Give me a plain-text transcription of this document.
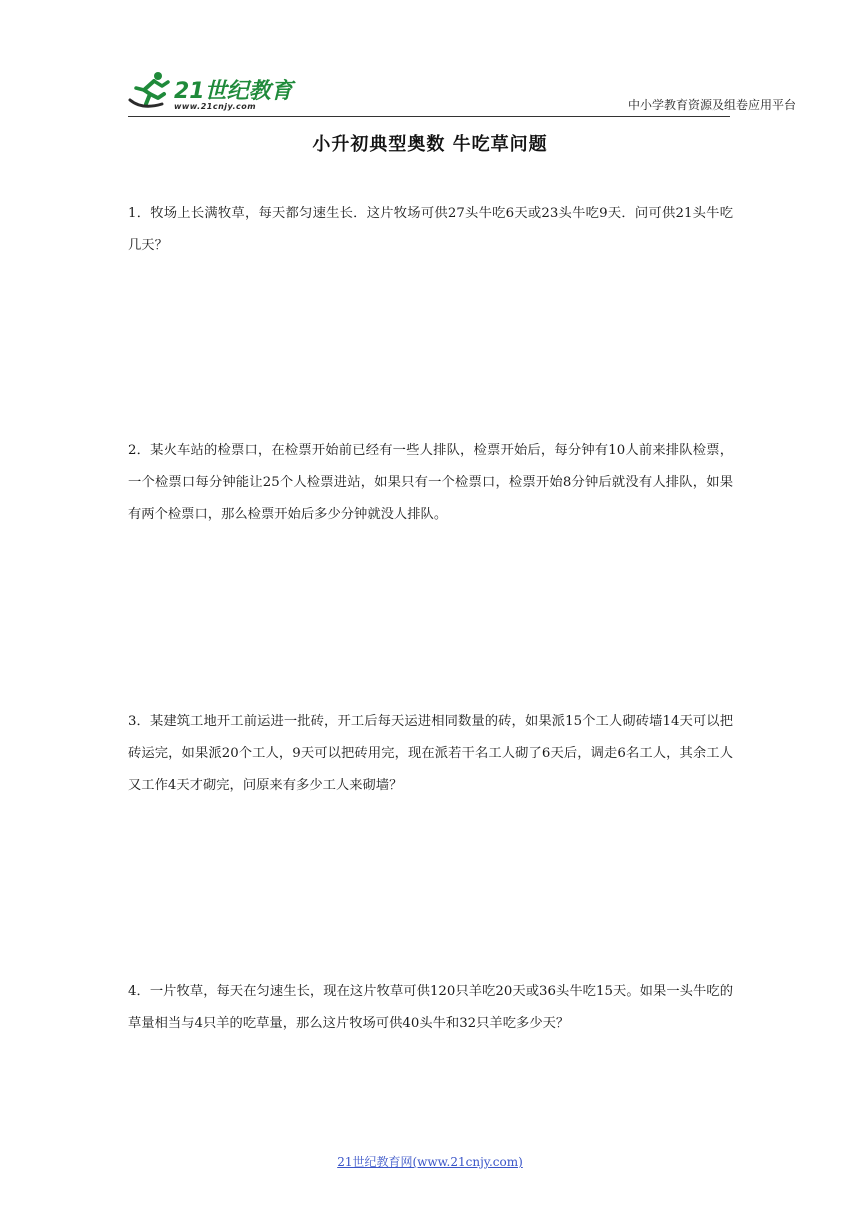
21世纪教育
www.21cnjy.com	中小学教育资源及组卷应用平台
小升初典型奥数 牛吃草问题
1．牧场上长满牧草，每天都匀速生长．这片牧场可供27头牛吃6天或23头牛吃9天．问可供21头牛吃几天？
2．某火车站的检票口，在检票开始前已经有一些人排队，检票开始后，每分钟有10人前来排队检票，一个检票口每分钟能让25个人检票进站，如果只有一个检票口，检票开始8分钟后就没有人排队，如果有两个检票口，那么检票开始后多少分钟就没人排队。
3．某建筑工地开工前运进一批砖，开工后每天运进相同数量的砖，如果派15个工人砌砖墙14天可以把砖运完，如果派20个工人，9天可以把砖用完，现在派若干名工人砌了6天后，调走6名工人，其余工人又工作4天才砌完，问原来有多少工人来砌墙？
4．一片牧草，每天在匀速生长，现在这片牧草可供120只羊吃20天或36头牛吃15天。如果一头牛吃的草量相当与4只羊的吃草量，那么这片牧场可供40头牛和32只羊吃多少天？
21世纪教育网(www.21cnjy.com)
